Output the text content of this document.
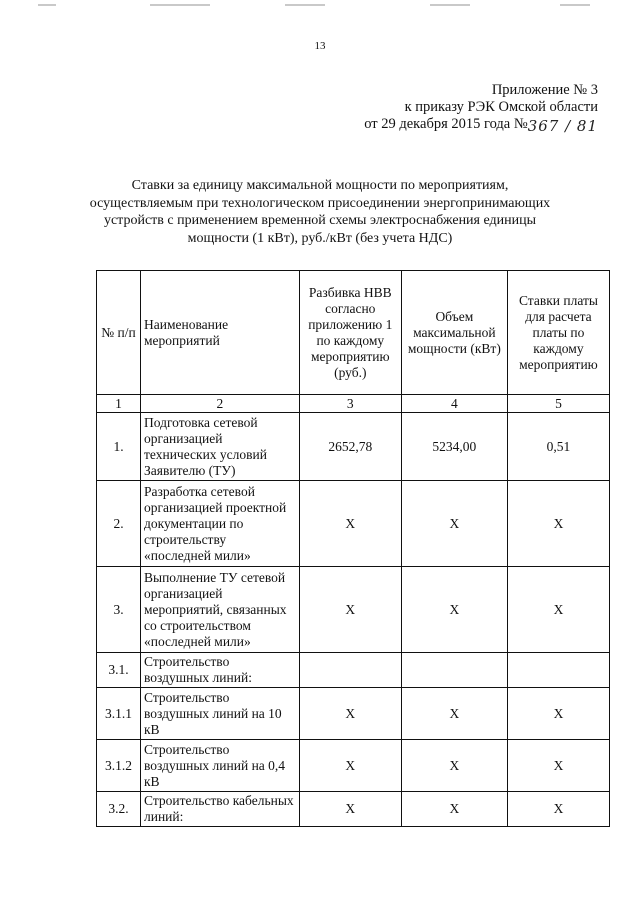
13
Приложение № 3
к приказу РЭК Омской области
от 29 декабря 2015 года №367 / 81
Ставки за единицу максимальной мощности по мероприятиям,
осуществляемым при технологическом присоединении энергопринимающих
устройств с применением временной схемы электроснабжения единицы
мощности (1 кВт), руб./кВт (без учета НДС)
№ п/п	Наименование мероприятий	Разбивка НВВ согласно приложению 1 по каждому мероприятию (руб.)	Объем максимальной мощности (кВт)	Ставки платы для расчета платы по каждому мероприятию
1	2	3	4	5
1.	Подготовка сетевой организацией технических условий Заявителю (ТУ)	2652,78	5234,00	0,51
2.	Разработка сетевой организацией проектной документации по строительству «последней мили»	X	X	X
3.	Выполнение ТУ сетевой организацией мероприятий, связанных со строительством «последней мили»	X	X	X
3.1.	Строительство воздушных линий:			
3.1.1	Строительство воздушных линий на 10 кВ	X	X	X
3.1.2	Строительство воздушных линий на 0,4 кВ	X	X	X
3.2.	Строительство кабельных линий:	X	X	X
